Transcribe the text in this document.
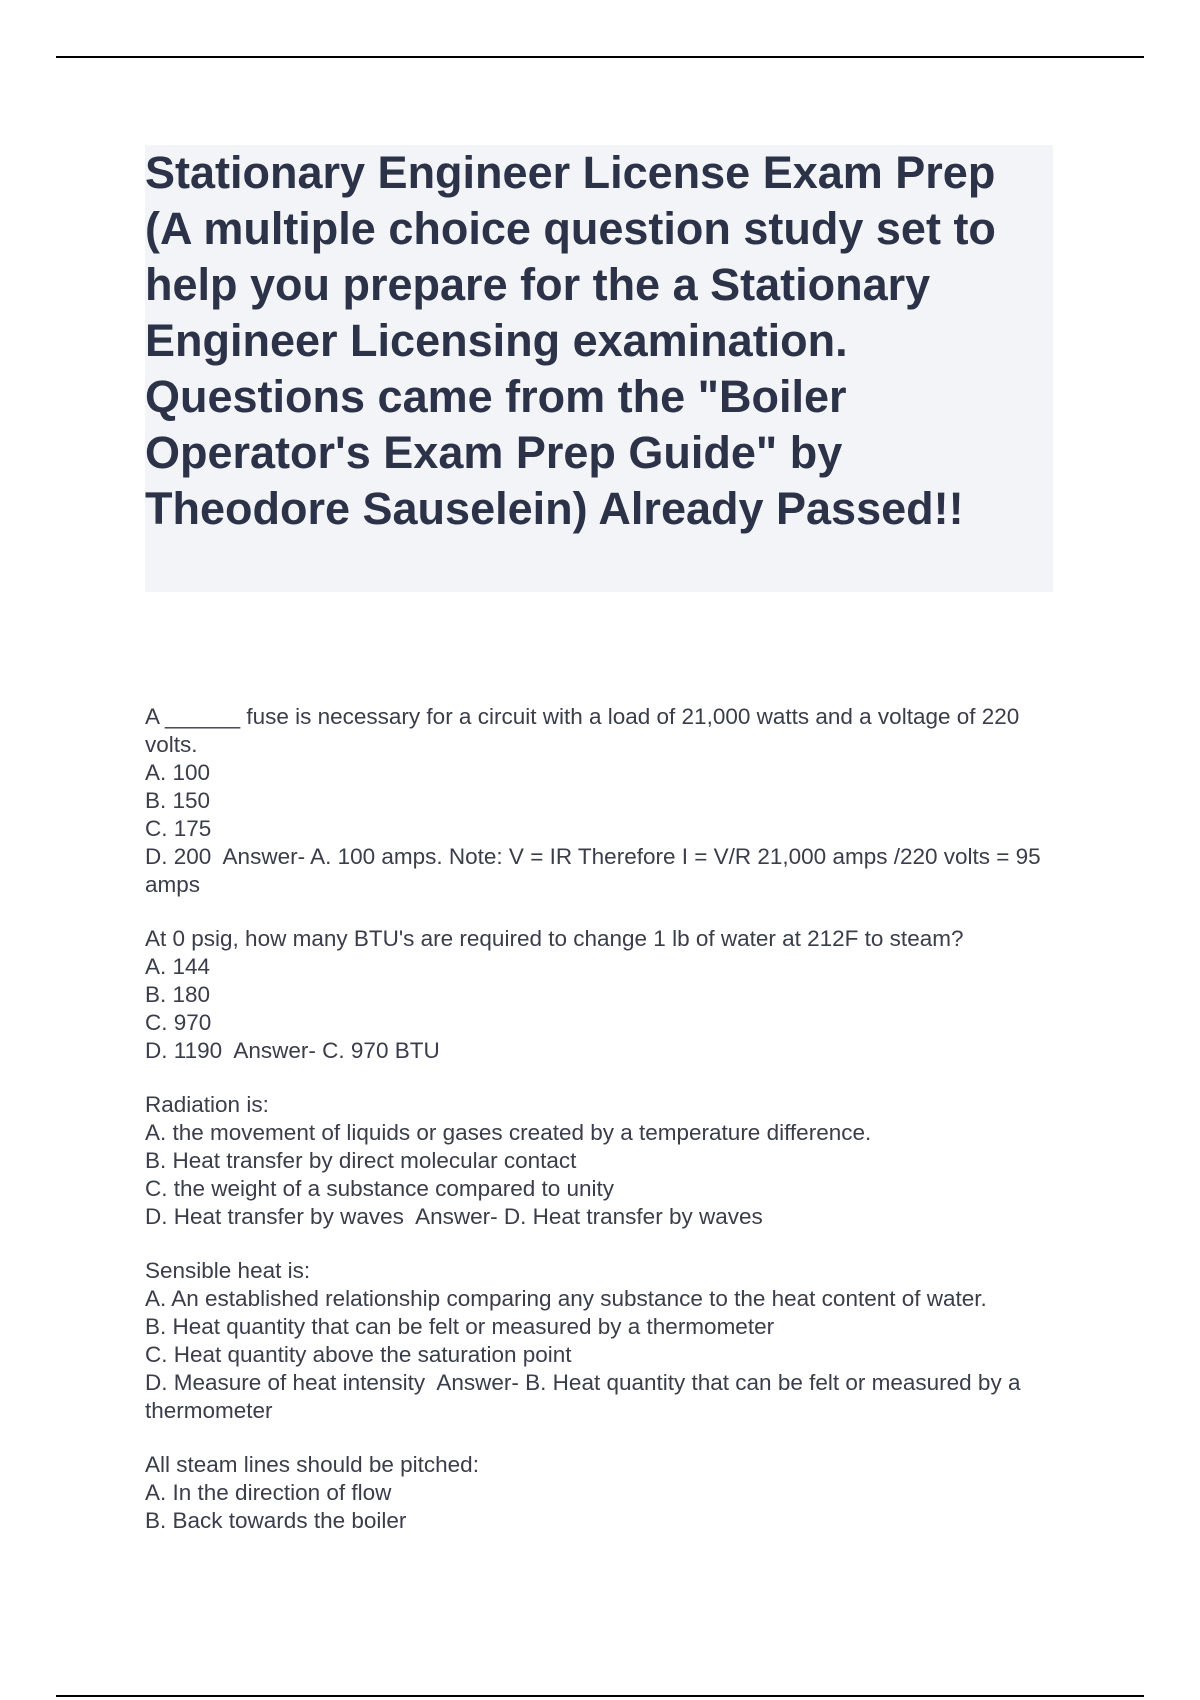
Stationary Engineer License Exam Prep (A multiple choice question study set to help you prepare for the a Stationary Engineer Licensing examination. Questions came from the "Boiler Operator's Exam Prep Guide" by Theodore Sauselein) Already Passed!!
A ______ fuse is necessary for a circuit with a load of 21,000 watts and a voltage of 220 volts.
A. 100
B. 150
C. 175
D. 200  Answer- A. 100 amps. Note: V = IR Therefore I = V/R 21,000 amps /220 volts = 95 amps
At 0 psig, how many BTU's are required to change 1 lb of water at 212F to steam?
A. 144
B. 180
C. 970
D. 1190  Answer- C. 970 BTU
Radiation is:
A. the movement of liquids or gases created by a temperature difference.
B. Heat transfer by direct molecular contact
C. the weight of a substance compared to unity
D. Heat transfer by waves  Answer- D. Heat transfer by waves
Sensible heat is:
A. An established relationship comparing any substance to the heat content of water.
B. Heat quantity that can be felt or measured by a thermometer
C. Heat quantity above the saturation point
D. Measure of heat intensity  Answer- B. Heat quantity that can be felt or measured by a thermometer
All steam lines should be pitched:
A. In the direction of flow
B. Back towards the boiler
